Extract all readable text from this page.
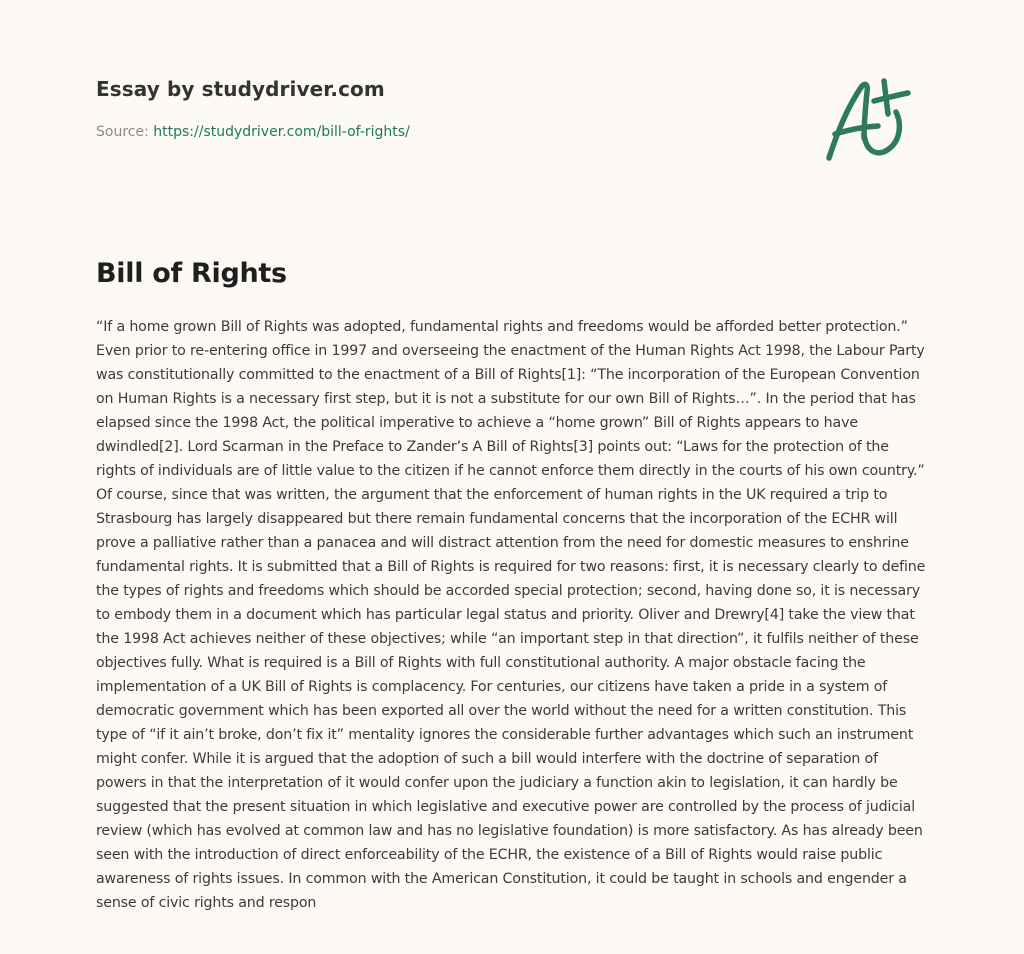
Essay by studydriver.com
Source: https://studydriver.com/bill-of-rights/
Bill of Rights

“If a home grown Bill of Rights was adopted, fundamental rights and freedoms would be afforded better protection.” Even prior to re-entering office in 1997 and overseeing the enactment of the Human Rights Act 1998, the Labour Party was constitutionally committed to the enactment of a Bill of Rights[1]: “The incorporation of the European Convention on Human Rights is a necessary first step, but it is not a substitute for our own Bill of Rights…”. In the period that has elapsed since the 1998 Act, the political imperative to achieve a “home grown” Bill of Rights appears to have dwindled[2]. Lord Scarman in the Preface to Zander’s A Bill of Rights[3] points out: “Laws for the protection of the rights of individuals are of little value to the citizen if he cannot enforce them directly in the courts of his own country.” Of course, since that was written, the argument that the enforcement of human rights in the UK required a trip to Strasbourg has largely disappeared but there remain fundamental concerns that the incorporation of the ECHR will prove a palliative rather than a panacea and will distract attention from the need for domestic measures to enshrine fundamental rights. It is submitted that a Bill of Rights is required for two reasons: first, it is necessary clearly to define the types of rights and freedoms which should be accorded special protection; second, having done so, it is necessary to embody them in a document which has particular legal status and priority. Oliver and Drewry[4] take the view that the 1998 Act achieves neither of these objectives; while “an important step in that direction”, it fulfils neither of these objectives fully. What is required is a Bill of Rights with full constitutional authority. A major obstacle facing the implementation of a UK Bill of Rights is complacency. For centuries, our citizens have taken a pride in a system of democratic government which has been exported all over the world without the need for a written constitution. This type of “if it ain’t broke, don’t fix it” mentality ignores the considerable further advantages which such an instrument might confer. While it is argued that the adoption of such a bill would interfere with the doctrine of separation of powers in that the interpretation of it would confer upon the judiciary a function akin to legislation, it can hardly be suggested that the present situation in which legislative and executive power are controlled by the process of judicial review (which has evolved at common law and has no legislative foundation) is more satisfactory. As has already been seen with the introduction of direct enforceability of the ECHR, the existence of a Bill of Rights would raise public awareness of rights issues. In common with the American Constitution, it could be taught in schools and engender a sense of civic rights and respon
